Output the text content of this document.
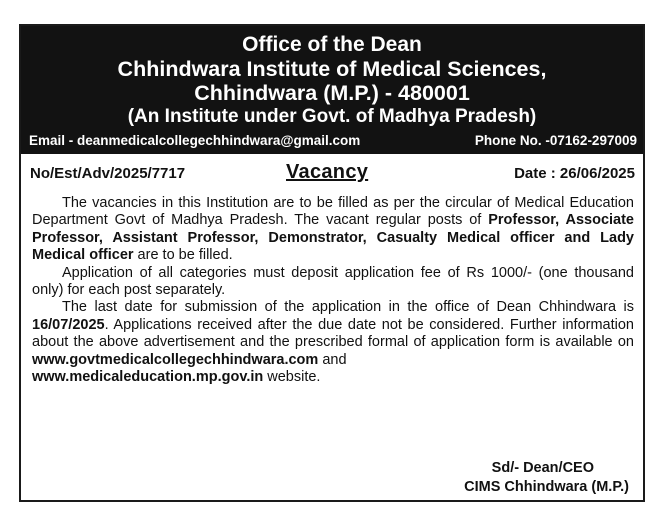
Office of the Dean
Chhindwara Institute of Medical Sciences,
Chhindwara (M.P.) - 480001
(An Institute under Govt. of Madhya Pradesh)
Email - deanmedicalcollegechhindwara@gmail.com	Phone No. -07162-297009
No/Est/Adv/2025/7717	Vacancy	Date : 26/06/2025

The vacancies in this Institution are to be filled as per the circular of Medical Education Department Govt of Madhya Pradesh. The vacant regular posts of Professor, Associate Professor, Assistant Professor, Demonstrator, Casualty Medical officer and Lady Medical officer are to be filled.

Application of all categories must deposit application fee of Rs 1000/- (one thousand only) for each post separately.

The last date for submission of the application in the office of Dean Chhindwara is 16/07/2025. Applications received after the due date not be considered. Further information about the above advertisement and the prescribed formal of application form is available on www.govtmedicalcollegechhindwara.com and

www.medicaleducation.mp.gov.in website.
Sd/- Dean/CEO
CIMS Chhindwara (M.P.)
